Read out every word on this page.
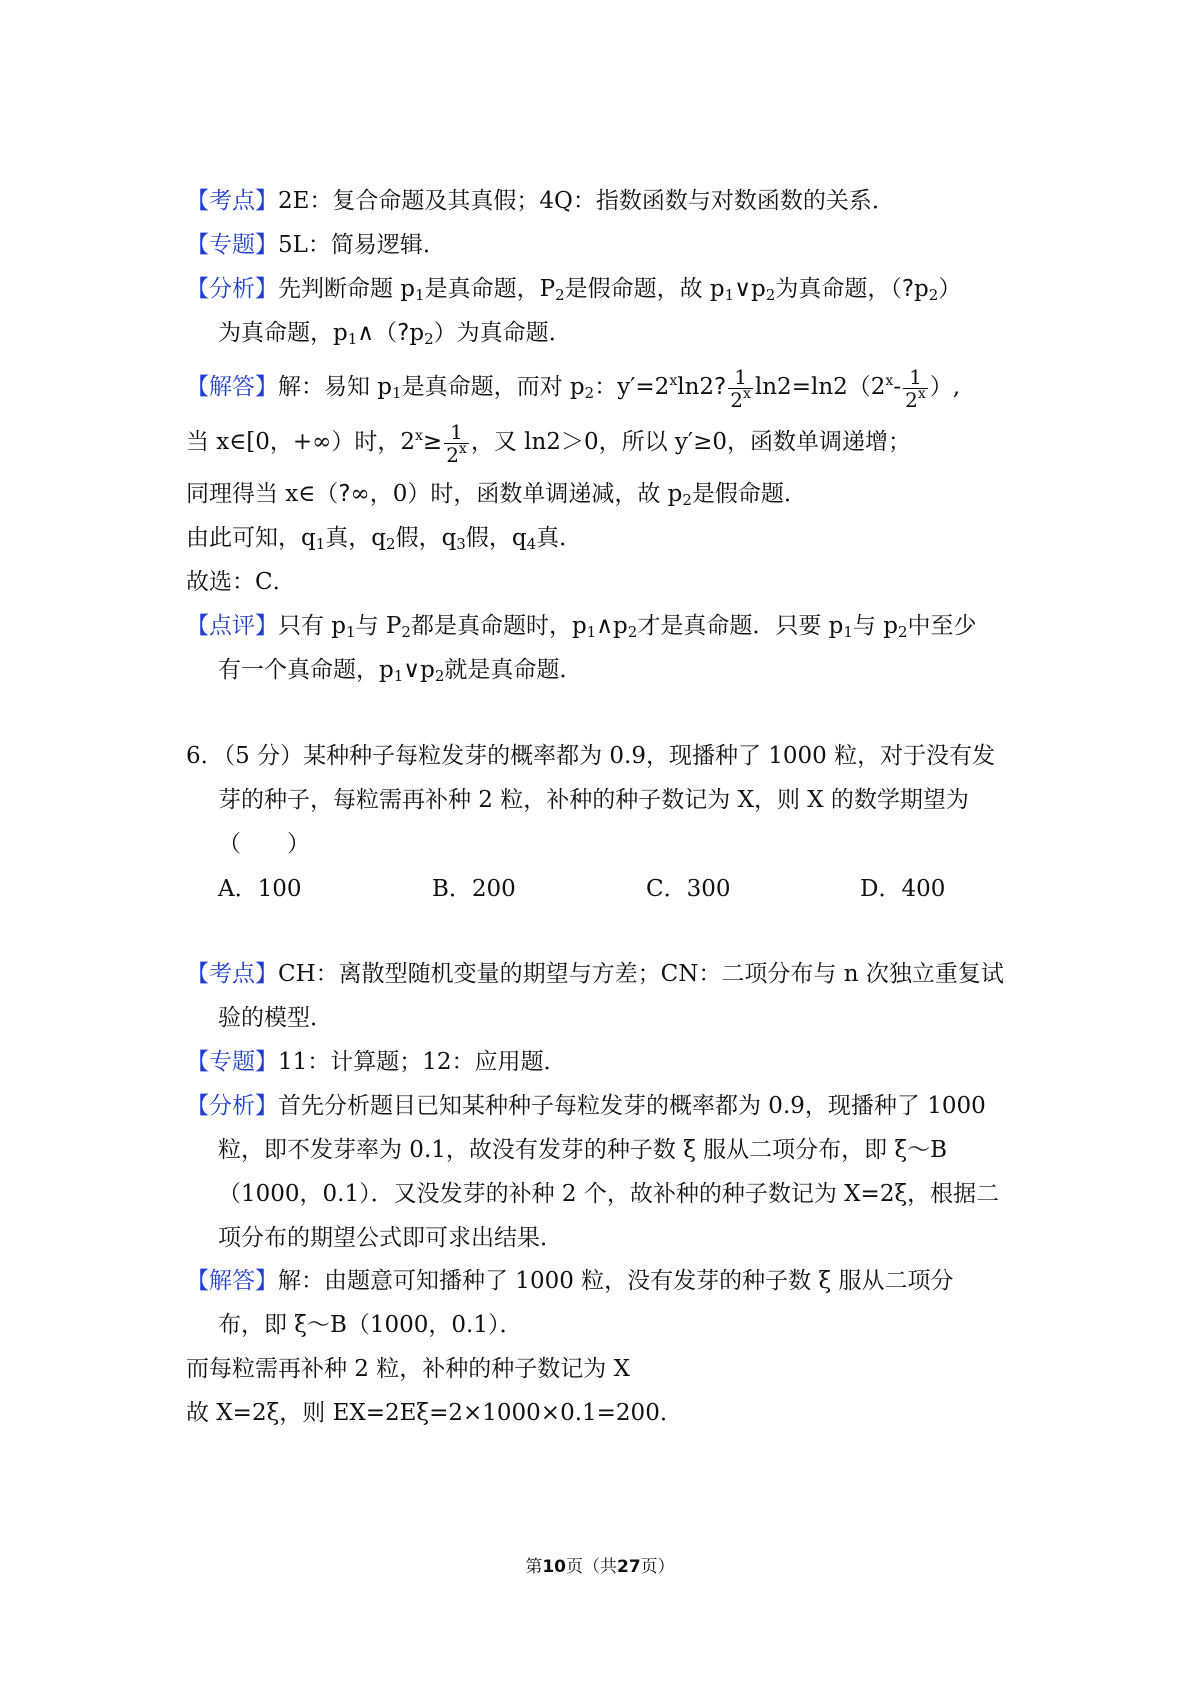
【考点】2E：复合命题及其真假；4Q：指数函数与对数函数的关系．
【专题】5L：简易逻辑．
【分析】先判断命题 $p_1$是真命题，$P_2$是假命题，故 $p_1\vee p_2$为真命题，$(?p_2)$
为真命题，$p_1\wedge(?p_2)$为真命题．
【解答】解：易知 $p_1$是真命题，而对 $p_2$：$y'=2^x\ln 2$? $\frac{1}{2^x} \ln 2=\ln 2(2^x- \frac{1}{2^x}$ ）,
当 x∈[0，+∞）时，$2^x\ge \frac{1}{2^x}$ ，又 ln2＞0，所以 y′≥0，函数单调递增；
同理得当 x∈（?∞，0）时，函数单调递减，故 $p_2$是假命题．
由此可知，$q_1$真，$q_2$假，$q_3$假，$q_4$真．
故选：C．
【点评】只有 $p_1$与 $P_2$都是真命题时，$p_1\wedge p_2$才是真命题．只要 $p_1$与 $p_2$中至少
有一个真命题，$p_1\vee p_2$就是真命题．
6．（5 分）某种种子每粒发芽的概率都为 0.9，现播种了 1000 粒，对于没有发
芽的种子，每粒需再补种 2 粒，补种的种子数记为 X，则 X 的数学期望为
（　　）
A．100	B．200	C．300	D．400
【考点】CH：离散型随机变量的期望与方差；CN：二项分布与 n 次独立重复试
验的模型．
【专题】11：计算题；12：应用题．
【分析】首先分析题目已知某种种子每粒发芽的概率都为 0.9，现播种了 1000
粒，即不发芽率为 0.1，故没有发芽的种子数 ξ 服从二项分布，即 ξ～B
（1000，0.1）．又没发芽的补种 2 个，故补种的种子数记为 X=2ξ，根据二
项分布的期望公式即可求出结果．
【解答】解：由题意可知播种了 1000 粒，没有发芽的种子数 ξ 服从二项分
布，即 ξ～B（1000，0.1）．
而每粒需再补种 2 粒，补种的种子数记为 X
故 X=2ξ，则 EX=2Eξ=2×1000×0.1=200．
第10页（共27页）
